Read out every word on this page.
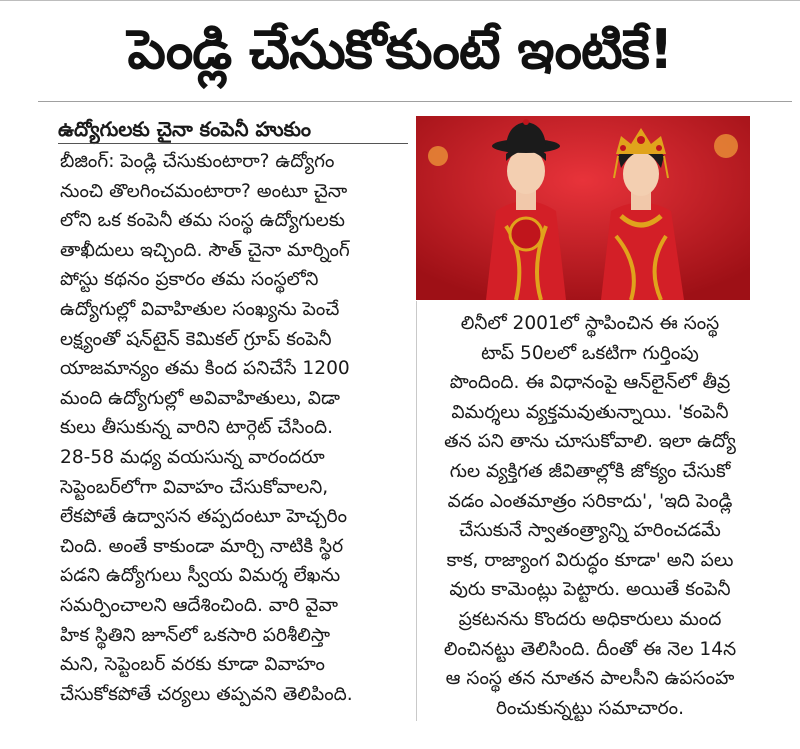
పెండ్లి చేసుకోకుంటే ఇంటికే!
ఉద్యోగులకు చైనా కంపెనీ హుకుం
బీజింగ్: పెండ్లి చేసుకుంటారా? ఉద్యోగం
నుంచి తొలగించమంటారా? అంటూ చైనా
లోని ఒక కంపెనీ తమ సంస్థ ఉద్యోగులకు
తాఖీదులు ఇచ్చింది. సౌత్ చైనా మార్నింగ్
పోస్టు కథనం ప్రకారం తమ సంస్థలోని
ఉద్యోగుల్లో వివాహితుల సంఖ్యను పెంచే
లక్ష్యంతో షన్‌టైన్ కెమికల్ గ్రూప్ కంపెనీ
యాజమాన్యం తమ కింద పనిచేసే 1200
మంది ఉద్యోగుల్లో అవివాహితులు, విడా
కులు తీసుకున్న వారిని టార్గెట్ చేసింది.
28-58 మధ్య వయసున్న వారందరూ
సెప్టెంబర్‌లోగా వివాహం చేసుకోవాలని,
లేకపోతే ఉద్వాసన తప్పదంటూ హెచ్చరిం
చింది. అంతే కాకుండా మార్చి నాటికి స్థిర
పడని ఉద్యోగులు స్వీయ విమర్శ లేఖను
సమర్పించాలని ఆదేశించింది. వారి వైవా
హిక స్థితిని జూన్‌లో ఒకసారి పరిశీలిస్తా
మని, సెప్టెంబర్ వరకు కూడా వివాహం
చేసుకోకపోతే చర్యలు తప్పవని తెలిపింది.
లినీలో 2001లో స్థాపించిన ఈ సంస్థ
టాప్ 50లలో ఒకటిగా గుర్తింపు
పొందింది. ఈ విధానంపై ఆన్‌లైన్‌లో తీవ్ర
విమర్శలు వ్యక్తమవుతున్నాయి. 'కంపెనీ
తన పని తాను చూసుకోవాలి. ఇలా ఉద్యో
గుల వ్యక్తిగత జీవితాల్లోకి జోక్యం చేసుకో
వడం ఎంతమాత్రం సరికాదు', 'ఇది పెండ్లి
చేసుకునే స్వాతంత్ర్యాన్ని హరించడమే
కాక, రాజ్యాంగ విరుద్ధం కూడా' అని పలు
వురు కామెంట్లు పెట్టారు. అయితే కంపెనీ
ప్రకటనను కొందరు అధికారులు మంద
లించినట్టు తెలిసింది. దీంతో ఈ నెల 14న
ఆ సంస్థ తన నూతన పాలసీని ఉపసంహ
రించుకున్నట్టు సమాచారం.
